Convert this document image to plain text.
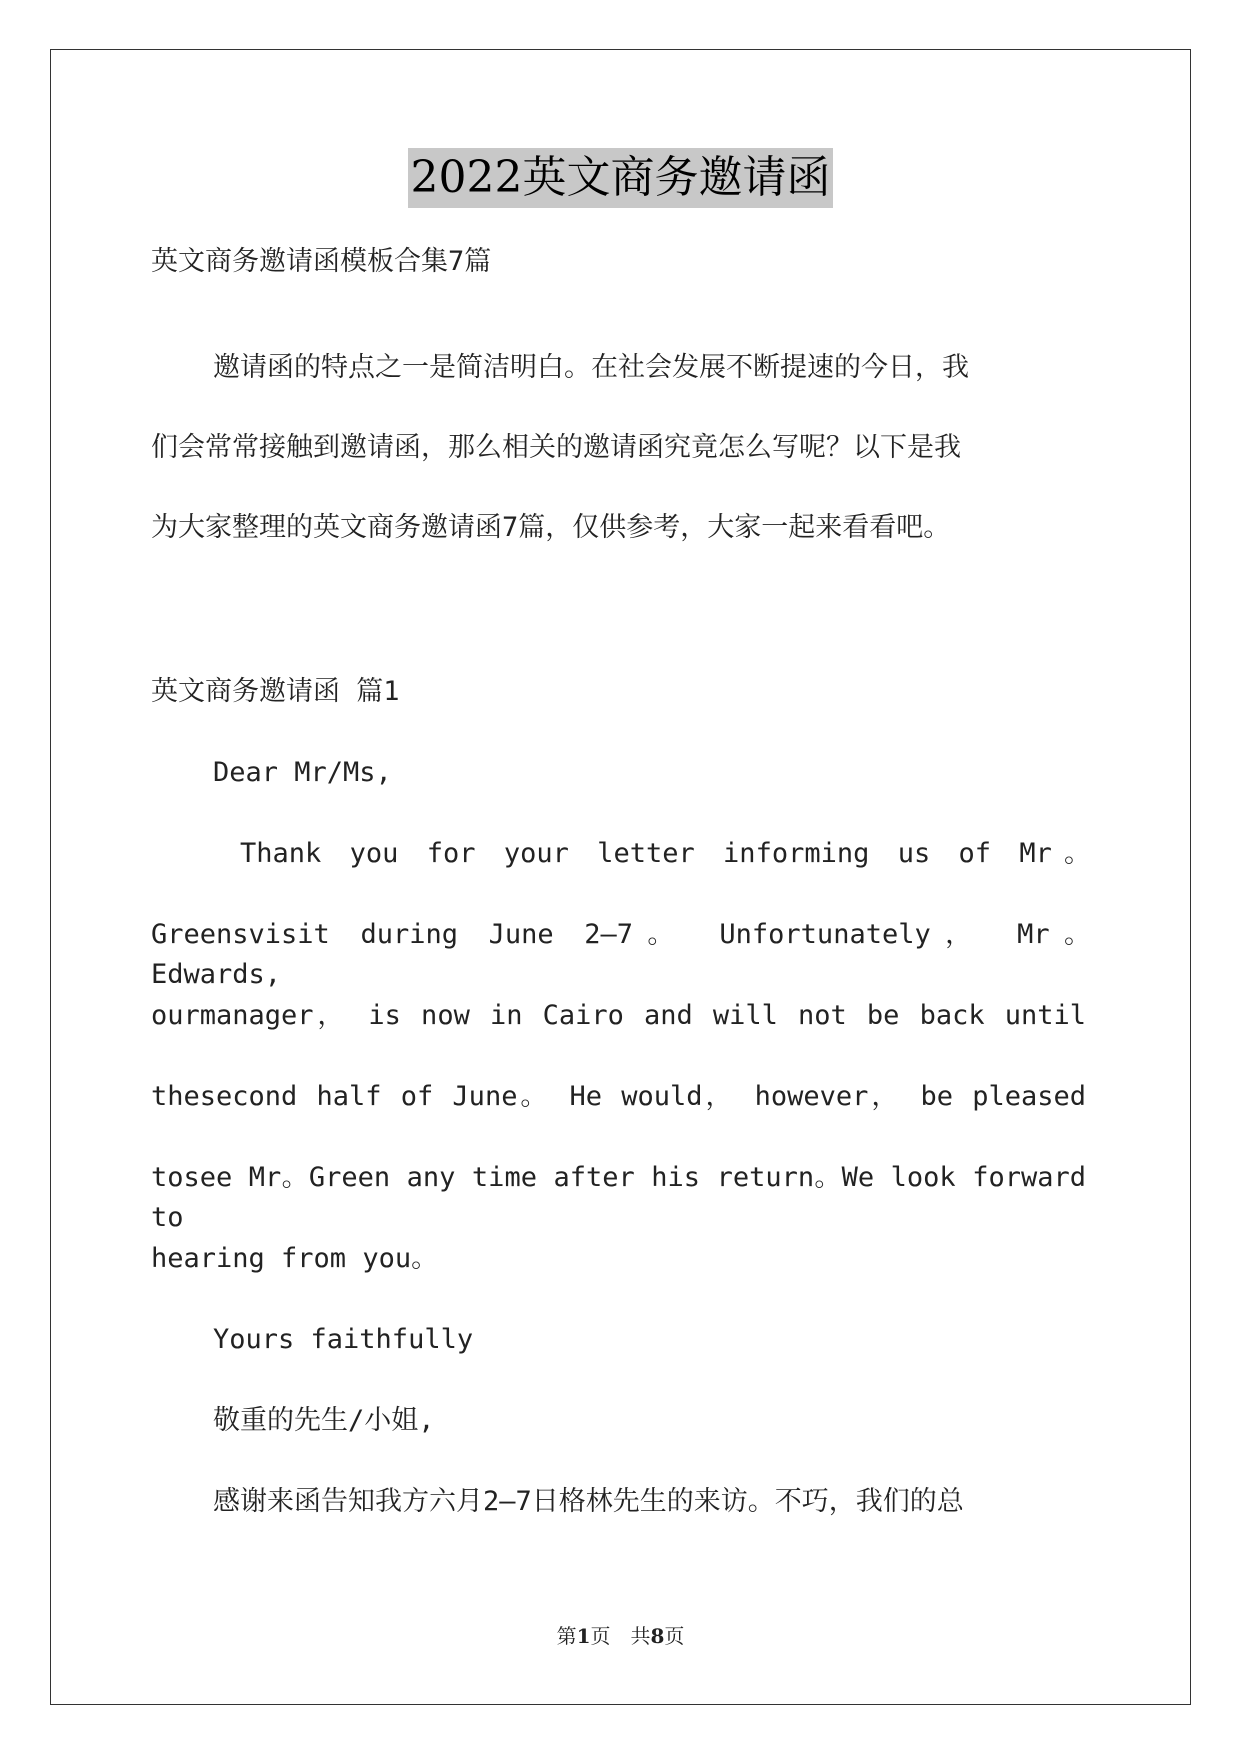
2022英文商务邀请函
英文商务邀请函模板合集7篇
邀请函的特点之一是简洁明白。在社会发展不断提速的今日，我
们会常常接触到邀请函，那么相关的邀请函究竟怎么写呢？以下是我
为大家整理的英文商务邀请函7篇，仅供参考，大家一起来看看吧。
英文商务邀请函 篇1
Dear Mr/Ms,
Thank you for your letter informing us of Mr。
Greensvisit during June 2—7。 Unfortunately， Mr。 Edwards,
ourmanager， is now in Cairo and will not be back until
thesecond half of June。 He would， however， be pleased
tosee Mr。Green any time after his return。We look forward to
hearing from you。
Yours faithfully
敬重的先生/小姐,
感谢来函告知我方六月2—7日格林先生的来访。不巧，我们的总
第1页　共8页
